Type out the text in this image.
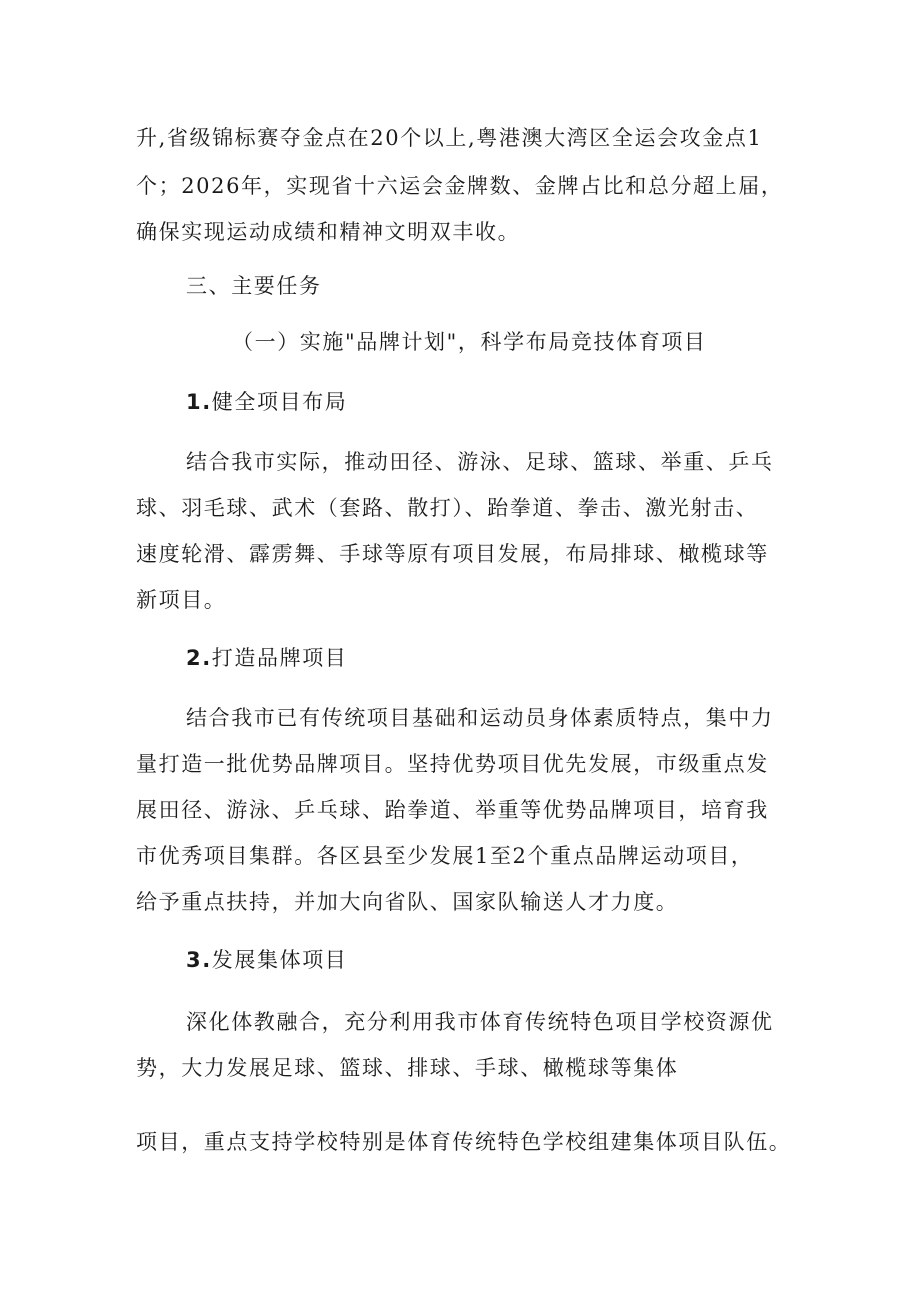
升,省级锦标赛夺金点在20个以上,粤港澳大湾区全运会攻金点1
个；2026年，实现省十六运会金牌数、金牌占比和总分超上届，
确保实现运动成绩和精神文明双丰收。
三、主要任务
（一）实施"品牌计划"，科学布局竞技体育项目
1.健全项目布局
结合我市实际，推动田径、游泳、足球、篮球、举重、乒乓
球、羽毛球、武术（套路、散打）、跆拳道、拳击、激光射击、
速度轮滑、霹雳舞、手球等原有项目发展，布局排球、橄榄球等
新项目。
2.打造品牌项目
结合我市已有传统项目基础和运动员身体素质特点，集中力
量打造一批优势品牌项目。坚持优势项目优先发展，市级重点发
展田径、游泳、乒乓球、跆拳道、举重等优势品牌项目，培育我
市优秀项目集群。各区县至少发展1至2个重点品牌运动项目，
给予重点扶持，并加大向省队、国家队输送人才力度。
3.发展集体项目
深化体教融合，充分利用我市体育传统特色项目学校资源优
势，大力发展足球、篮球、排球、手球、橄榄球等集体
项目，重点支持学校特别是体育传统特色学校组建集体项目队伍。
